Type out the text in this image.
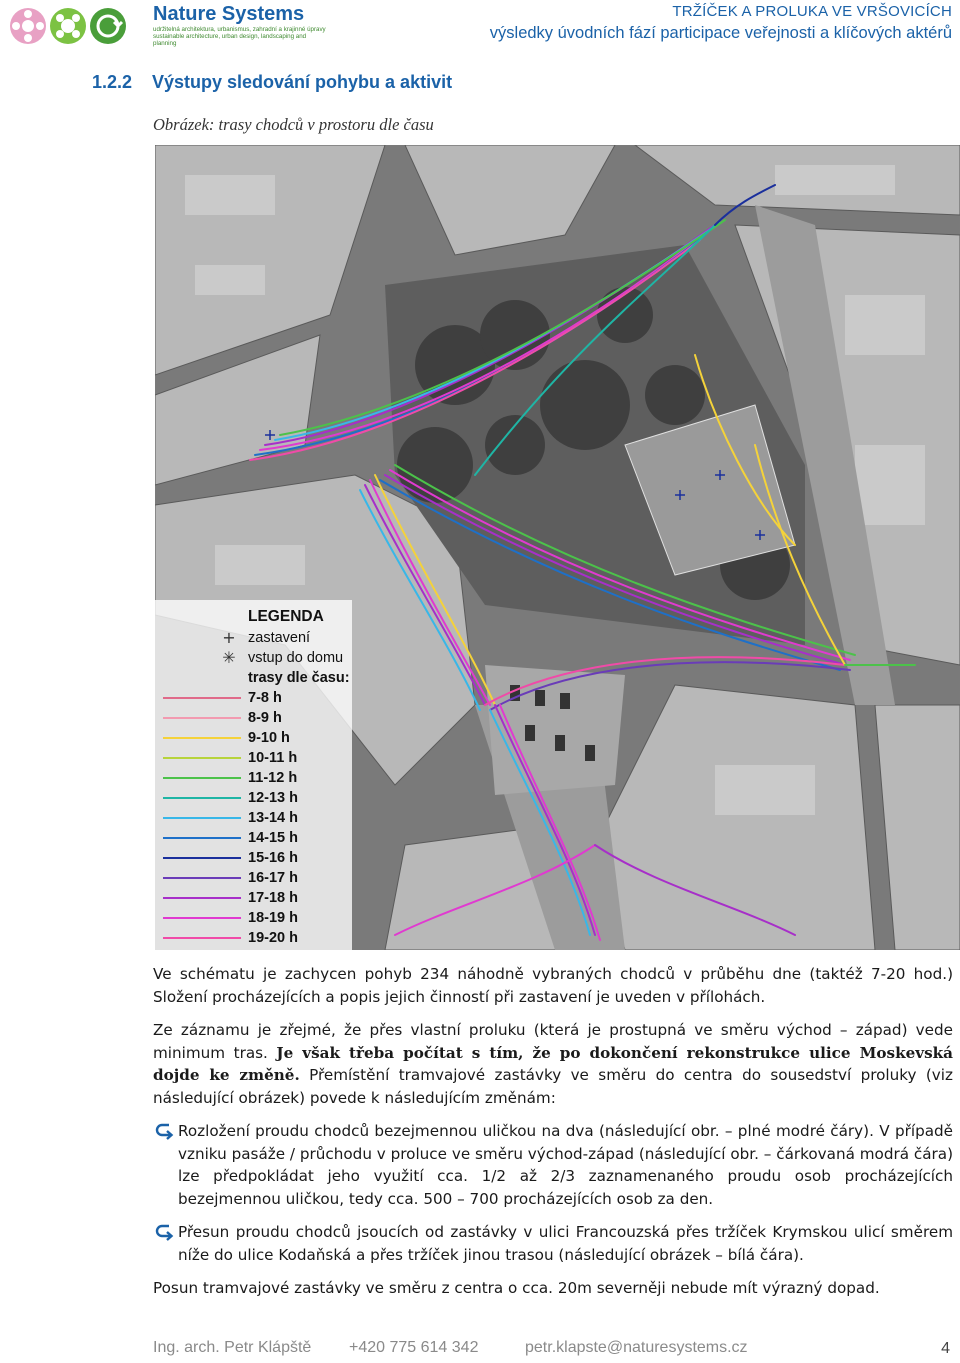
Nature Systems
udržitelná architektura, urbanismus, zahradní a krajinné úpravy sustainable architecture, urban design, landscaping and planning
TRŽÍČEK A PROLUKA VE VRŠOVICÍCH
výsledky úvodních fází participace veřejnosti a klíčových aktérů
1.2.2 Výstupy sledování pohybu a aktivit
Obrázek: trasy chodců v prostoru dle času
LEGENDA
+ zastavení
✳ vstup do domu
trasy dle času:
7-8 h
8-9 h
9-10 h
10-11 h
11-12 h
12-13 h
13-14 h
14-15 h
15-16 h
16-17 h
17-18 h
18-19 h
19-20 h
Ve schématu je zachycen pohyb 234 náhodně vybraných chodců v průběhu dne (taktéž 7-20 hod.) Složení procházejících a popis jejich činností při zastavení je uveden v přílohách.
Ze záznamu je zřejmé, že přes vlastní proluku (která je prostupná ve směru východ – západ) vede minimum tras. Je však třeba počítat s tím, že po dokončení rekonstrukce ulice Moskevská dojde ke změně. Přemístění tramvajové zastávky ve směru do centra do sousedství proluky (viz následující obrázek) povede k následujícím změnám:
Rozložení proudu chodců bezejmennou uličkou na dva (následující obr. – plné modré čáry). V případě vzniku pasáže / průchodu v proluce ve směru východ-západ (následující obr. – čárkovaná modrá čára) lze předpokládat jeho využití cca. 1/2 až 2/3 zaznamenaného proudu osob procházejících bezejmennou uličkou, tedy cca. 500 – 700 procházejících osob za den.
Přesun proudu chodců jsoucích od zastávky v ulici Francouzská přes tržíček Krymskou ulicí směrem níže do ulice Kodaňská a přes tržíček jinou trasou (následující obrázek – bílá čára).
Posun tramvajové zastávky ve směru z centra o cca. 20m severněji nebude mít výrazný dopad.
Ing. arch. Petr Klápště +420 775 614 342	petr.klapste@naturesystems.cz	4
